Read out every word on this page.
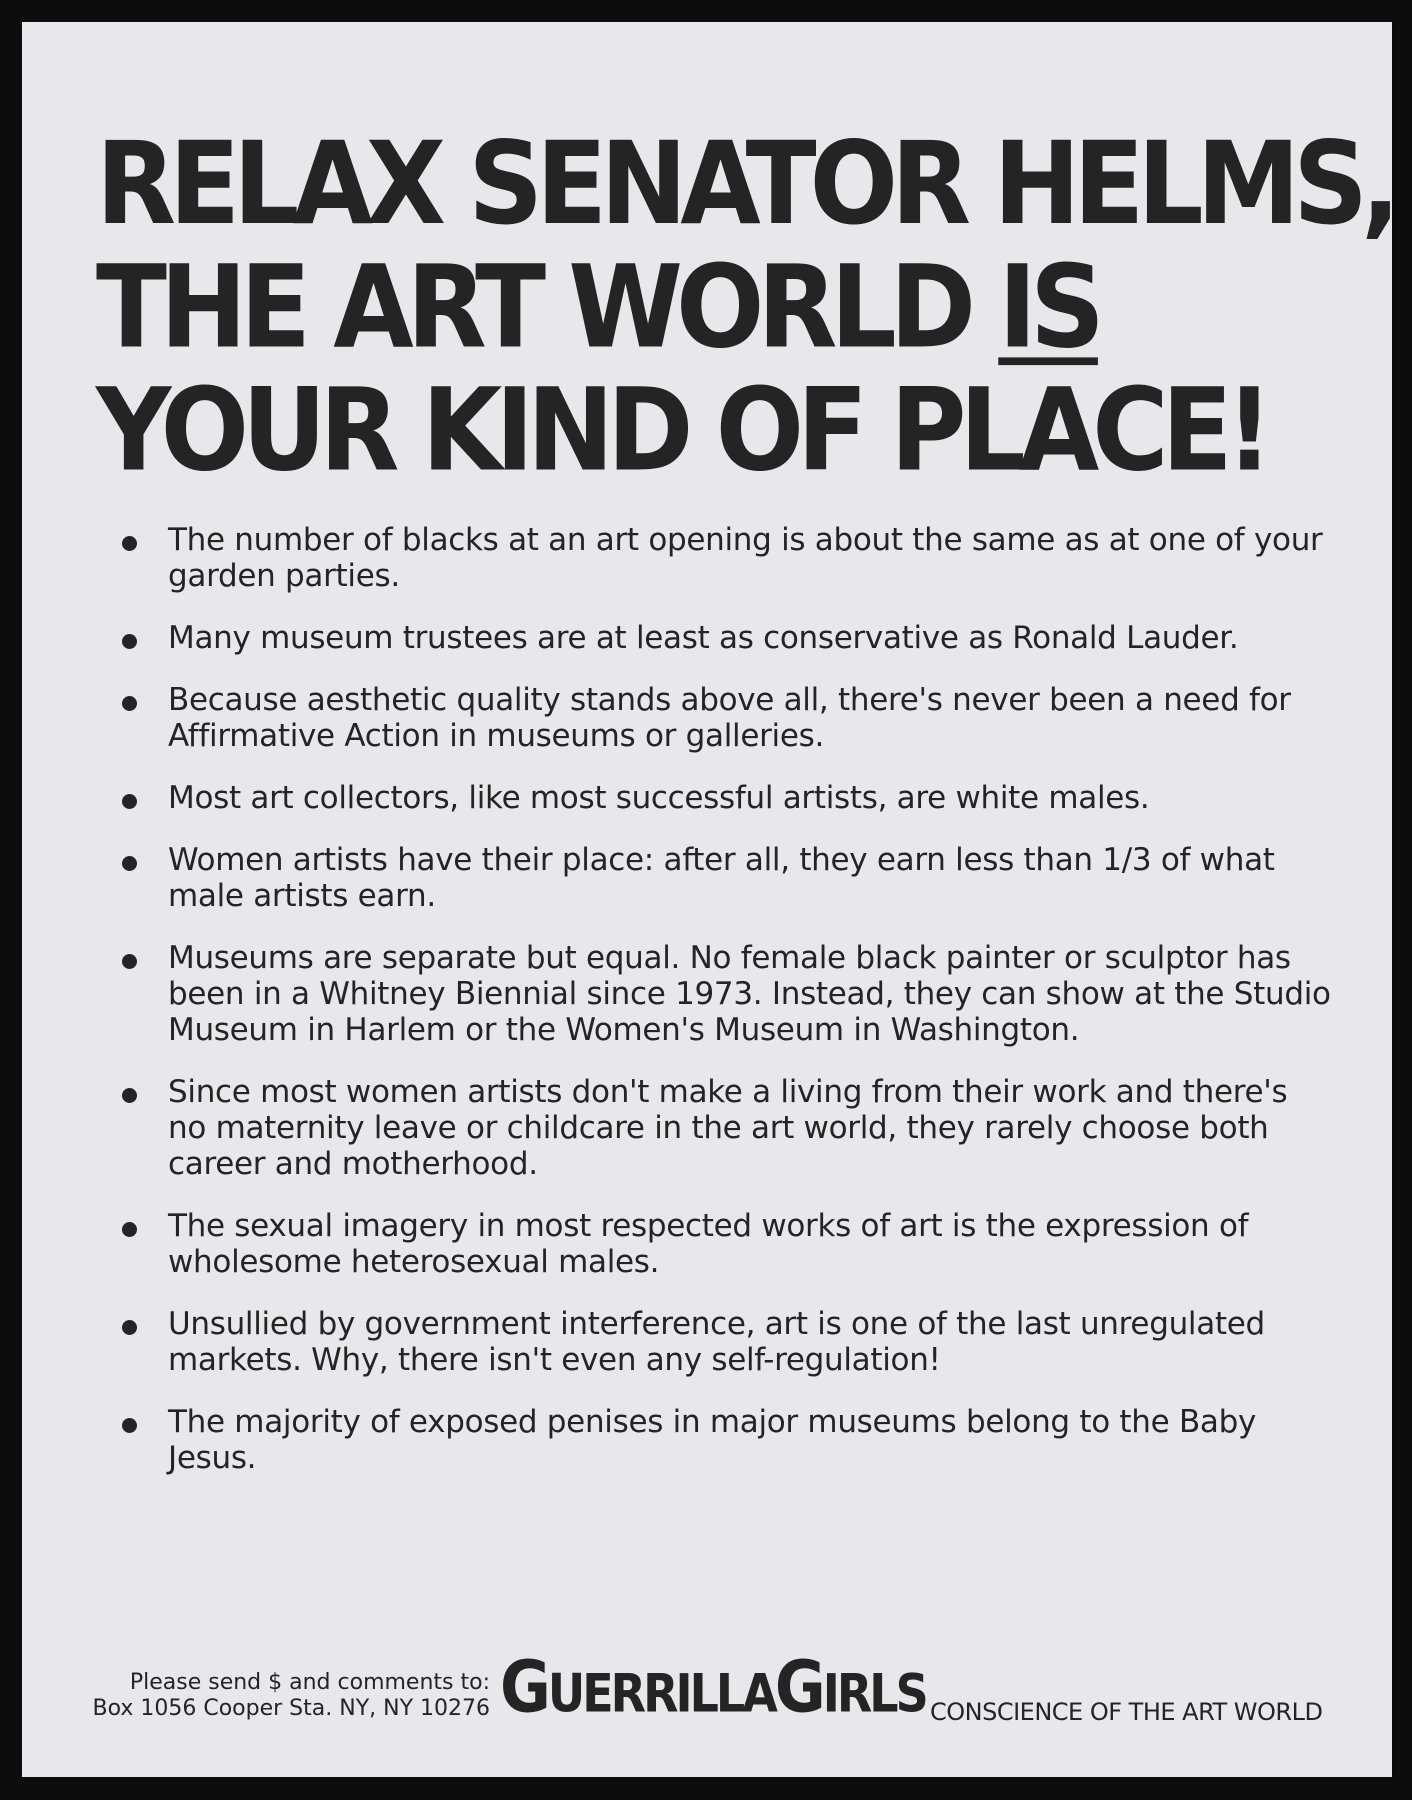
RELAX SENATOR HELMS,
THE ART WORLD IS
YOUR KIND OF PLACE!
The number of blacks at an art opening is about the same as at one of your garden parties.
Many museum trustees are at least as conservative as Ronald Lauder.
Because aesthetic quality stands above all, there's never been a need for Affirmative Action in museums or galleries.
Most art collectors, like most successful artists, are white males.
Women artists have their place: after all, they earn less than 1/3 of what male artists earn.
Museums are separate but equal. No female black painter or sculptor has been in a Whitney Biennial since 1973. Instead, they can show at the Studio Museum in Harlem or the Women's Museum in Washington.
Since most women artists don't make a living from their work and there's no maternity leave or childcare in the art world, they rarely choose both career and motherhood.
The sexual imagery in most respected works of art is the expression of wholesome heterosexual males.
Unsullied by government interference, art is one of the last unregulated markets. Why, there isn't even any self-regulation!
The majority of exposed penises in major museums belong to the Baby Jesus.
Please send $ and comments to:
Box 1056 Cooper Sta. NY, NY 10276 GUERRILLAGIRLS CONSCIENCE OF THE ART WORLD
